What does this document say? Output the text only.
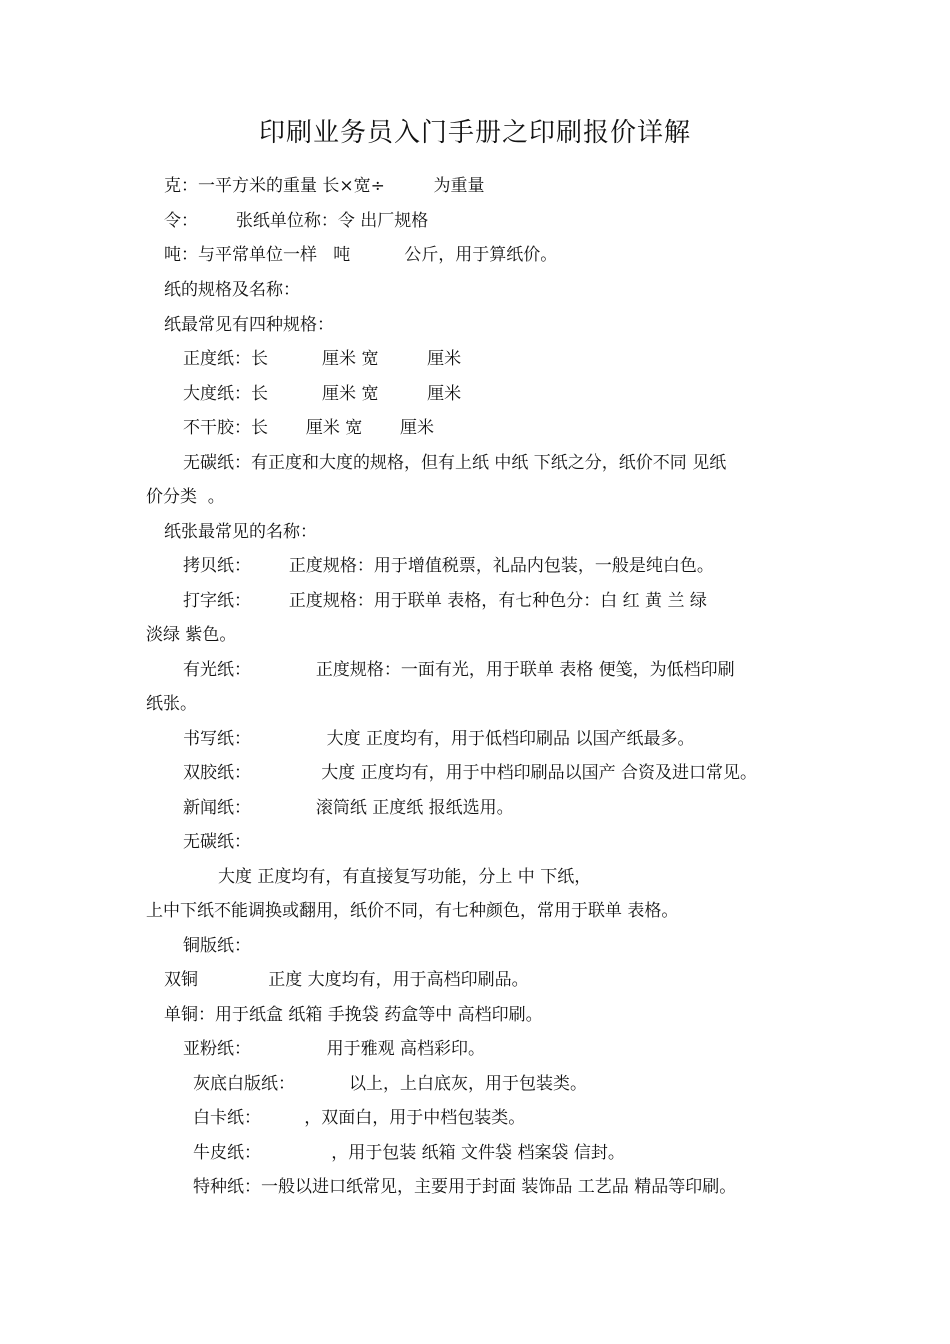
印刷业务员入门手册之印刷报价详解
克：一平方米的重量 长×宽÷         为重量
令：       张纸单位称：令 出厂规格
吨：与平常单位一样   吨          公斤，用于算纸价。
纸的规格及名称：
纸最常见有四种规格：
正度纸：长          厘米 宽         厘米
大度纸：长          厘米 宽         厘米
不干胶：长       厘米 宽       厘米
无碳纸：有正度和大度的规格，但有上纸 中纸 下纸之分，纸价不同 见纸
价分类  。
纸张最常见的名称：
拷贝纸：       正度规格：用于增值税票，礼品内包装，一般是纯白色。
打字纸：       正度规格：用于联单 表格，有七种色分：白 红 黄 兰 绿
淡绿 紫色。
有光纸：            正度规格：一面有光，用于联单 表格 便笺，为低档印刷
纸张。
书写纸：              大度 正度均有，用于低档印刷品 以国产纸最多。
双胶纸：             大度 正度均有，用于中档印刷品以国产 合资及进口常见。
新闻纸：            滚筒纸 正度纸 报纸选用。
无碳纸：
大度 正度均有，有直接复写功能，分上 中 下纸，
上中下纸不能调换或翻用，纸价不同，有七种颜色，常用于联单 表格。
铜版纸：
双铜             正度 大度均有，用于高档印刷品。
单铜：用于纸盒 纸箱 手挽袋 药盒等中 高档印刷。
亚粉纸：              用于雅观 高档彩印。
灰底白版纸：          以上，上白底灰，用于包装类。
白卡纸：        ，双面白，用于中档包装类。
牛皮纸：             ，用于包装 纸箱 文件袋 档案袋 信封。
特种纸：一般以进口纸常见，主要用于封面 装饰品 工艺品 精品等印刷。
